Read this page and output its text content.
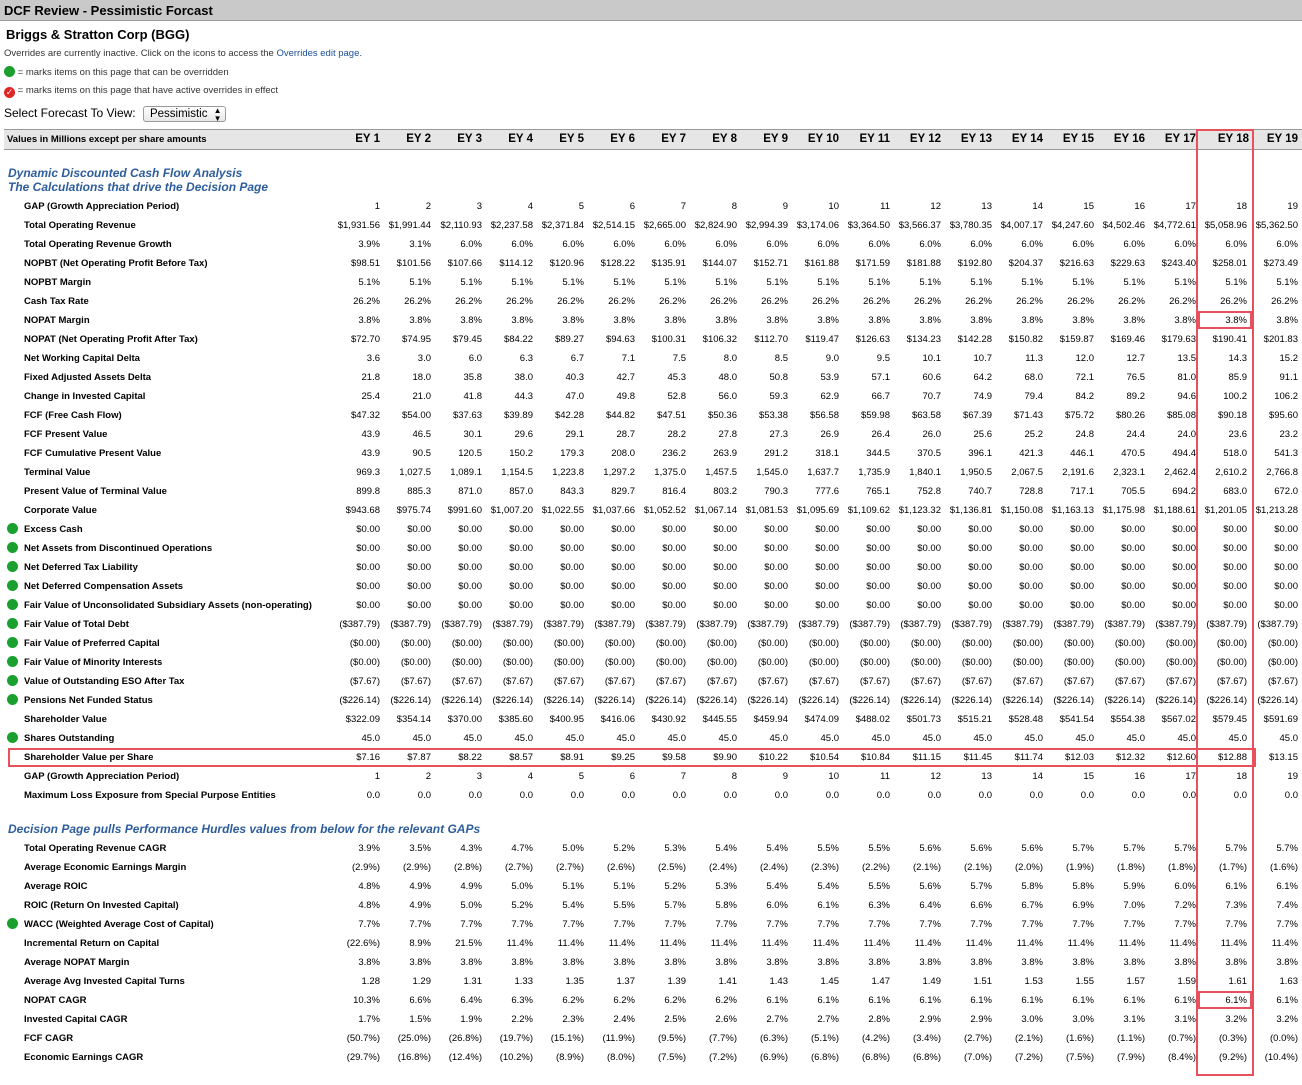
DCF Review - Pessimistic Forcast
Briggs & Stratton Corp (BGG)
Overrides are currently inactive. Click on the icons to access the Overrides edit page.
= marks items on this page that can be overridden
✓ = marks items on this page that have active overrides in effect
Select Forecast To View: Pessimistic ▲
▼
Values in Millions except per share amounts	EY 1	EY 2	EY 3	EY 4	EY 5	EY 6	EY 7	EY 8	EY 9	EY 10	EY 11	EY 12	EY 13	EY 14	EY 15	EY 16	EY 17	EY 18	EY 19
Dynamic Discounted Cash Flow Analysis
The Calculations that drive the Decision Page
GAP (Growth Appreciation Period)	1	2	3	4	5	6	7	8	9	10	11	12	13	14	15	16	17	18	19
Total Operating Revenue	$1,931.56 $1,991.44 $2,110.93 $2,237.58 $2,371.84 $2,514.15 $2,665.00 $2,824.90 $2,994.39 $3,174.06 $3,364.50 $3,566.37 $3,780.35 $4,007.17 $4,247.60 $4,502.46 $4,772.61 $5,058.96 $5,362.50
Total Operating Revenue Growth	3.9%	3.1%	6.0%	6.0%	6.0%	6.0%	6.0%	6.0%	6.0%	6.0%	6.0%	6.0%	6.0%	6.0%	6.0%	6.0%	6.0%	6.0%	6.0%
NOPBT (Net Operating Profit Before Tax)	$98.51 $101.56 $107.66 $114.12 $120.96 $128.22 $135.91 $144.07 $152.71 $161.88 $171.59 $181.88 $192.80 $204.37 $216.63 $229.63 $243.40 $258.01 $273.49
NOPBT Margin	5.1%	5.1%	5.1%	5.1%	5.1%	5.1%	5.1%	5.1%	5.1%	5.1%	5.1%	5.1%	5.1%	5.1%	5.1%	5.1%	5.1%	5.1%	5.1%
Cash Tax Rate	26.2%	26.2%	26.2%	26.2%	26.2%	26.2%	26.2%	26.2%	26.2%	26.2%	26.2%	26.2%	26.2%	26.2%	26.2%	26.2%	26.2%	26.2%	26.2%
NOPAT Margin	3.8%	3.8%	3.8%	3.8%	3.8%	3.8%	3.8%	3.8%	3.8%	3.8%	3.8%	3.8%	3.8%	3.8%	3.8%	3.8%	3.8%	3.8%	3.8%
NOPAT (Net Operating Profit After Tax)	$72.70 $74.95 $79.45 $84.22 $89.27 $94.63 $100.31 $106.32 $112.70 $119.47 $126.63 $134.23 $142.28 $150.82 $159.87 $169.46 $179.63 $190.41 $201.83
Net Working Capital Delta	3.6	3.0	6.0	6.3	6.7	7.1	7.5	8.0	8.5	9.0	9.5	10.1	10.7	11.3	12.0	12.7	13.5	14.3	15.2
Fixed Adjusted Assets Delta	21.8	18.0	35.8	38.0	40.3	42.7	45.3	48.0	50.8	53.9	57.1	60.6	64.2	68.0	72.1	76.5	81.0	85.9	91.1
Change in Invested Capital	25.4	21.0	41.8	44.3	47.0	49.8	52.8	56.0	59.3	62.9	66.7	70.7	74.9	79.4	84.2	89.2	94.6	100.2	106.2
FCF (Free Cash Flow)	$47.32 $54.00 $37.63 $39.89 $42.28 $44.82 $47.51 $50.36 $53.38 $56.58 $59.98 $63.58 $67.39 $71.43 $75.72 $80.26 $85.08 $90.18 $95.60
FCF Present Value	43.9	46.5	30.1	29.6	29.1	28.7	28.2	27.8	27.3	26.9	26.4	26.0	25.6	25.2	24.8	24.4	24.0	23.6	23.2
FCF Cumulative Present Value	43.9	90.5	120.5	150.2	179.3	208.0	236.2	263.9	291.2	318.1	344.5	370.5	396.1	421.3	446.1	470.5	494.4	518.0	541.3
Terminal Value	969.3 1,027.5 1,089.1 1,154.5 1,223.8 1,297.2 1,375.0 1,457.5 1,545.0 1,637.7 1,735.9 1,840.1 1,950.5 2,067.5 2,191.6 2,323.1 2,462.4 2,610.2 2,766.8
Present Value of Terminal Value	899.8	885.3	871.0	857.0	843.3	829.7	816.4	803.2	790.3	777.6	765.1	752.8	740.7	728.8	717.1	705.5	694.2	683.0	672.0
Corporate Value	$943.68 $975.74 $991.60 $1,007.20 $1,022.55 $1,037.66 $1,052.52 $1,067.14 $1,081.53 $1,095.69 $1,109.62 $1,123.32 $1,136.81 $1,150.08 $1,163.13 $1,175.98 $1,188.61 $1,201.05 $1,213.28
Excess Cash	$0.00	$0.00	$0.00	$0.00	$0.00	$0.00	$0.00	$0.00	$0.00	$0.00	$0.00	$0.00	$0.00	$0.00	$0.00	$0.00	$0.00	$0.00	$0.00
Net Assets from Discontinued Operations	$0.00	$0.00	$0.00	$0.00	$0.00	$0.00	$0.00	$0.00	$0.00	$0.00	$0.00	$0.00	$0.00	$0.00	$0.00	$0.00	$0.00	$0.00	$0.00
Net Deferred Tax Liability	$0.00	$0.00	$0.00	$0.00	$0.00	$0.00	$0.00	$0.00	$0.00	$0.00	$0.00	$0.00	$0.00	$0.00	$0.00	$0.00	$0.00	$0.00	$0.00
Net Deferred Compensation Assets	$0.00	$0.00	$0.00	$0.00	$0.00	$0.00	$0.00	$0.00	$0.00	$0.00	$0.00	$0.00	$0.00	$0.00	$0.00	$0.00	$0.00	$0.00	$0.00
Fair Value of Unconsolidated Subsidiary Assets (non-operating)	$0.00	$0.00	$0.00	$0.00	$0.00	$0.00	$0.00	$0.00	$0.00	$0.00	$0.00	$0.00	$0.00	$0.00	$0.00	$0.00	$0.00	$0.00	$0.00
Fair Value of Total Debt	($387.79) ($387.79) ($387.79) ($387.79) ($387.79) ($387.79) ($387.79) ($387.79) ($387.79) ($387.79) ($387.79) ($387.79) ($387.79) ($387.79) ($387.79) ($387.79) ($387.79) ($387.79) ($387.79)
Fair Value of Preferred Capital	($0.00) ($0.00) ($0.00) ($0.00) ($0.00) ($0.00) ($0.00) ($0.00) ($0.00) ($0.00) ($0.00) ($0.00) ($0.00) ($0.00) ($0.00) ($0.00) ($0.00) ($0.00) ($0.00)
Fair Value of Minority Interests	($0.00) ($0.00) ($0.00) ($0.00) ($0.00) ($0.00) ($0.00) ($0.00) ($0.00) ($0.00) ($0.00) ($0.00) ($0.00) ($0.00) ($0.00) ($0.00) ($0.00) ($0.00) ($0.00)
Value of Outstanding ESO After Tax	($7.67) ($7.67) ($7.67) ($7.67) ($7.67) ($7.67) ($7.67) ($7.67) ($7.67) ($7.67) ($7.67) ($7.67) ($7.67) ($7.67) ($7.67) ($7.67) ($7.67) ($7.67) ($7.67)
Pensions Net Funded Status	($226.14) ($226.14) ($226.14) ($226.14) ($226.14) ($226.14) ($226.14) ($226.14) ($226.14) ($226.14) ($226.14) ($226.14) ($226.14) ($226.14) ($226.14) ($226.14) ($226.14) ($226.14) ($226.14)
Shareholder Value	$322.09 $354.14 $370.00 $385.60 $400.95 $416.06 $430.92 $445.55 $459.94 $474.09 $488.02 $501.73 $515.21 $528.48 $541.54 $554.38 $567.02 $579.45 $591.69
Shares Outstanding	45.0	45.0	45.0	45.0	45.0	45.0	45.0	45.0	45.0	45.0	45.0	45.0	45.0	45.0	45.0	45.0	45.0	45.0	45.0
Shareholder Value per Share	$7.16	$7.87	$8.22	$8.57	$8.91	$9.25	$9.58	$9.90 $10.22 $10.54 $10.84 $11.15 $11.45 $11.74 $12.03 $12.32 $12.60 $12.88 $13.15
GAP (Growth Appreciation Period)	1	2	3	4	5	6	7	8	9	10	11	12	13	14	15	16	17	18	19
Maximum Loss Exposure from Special Purpose Entities	0.0	0.0	0.0	0.0	0.0	0.0	0.0	0.0	0.0	0.0	0.0	0.0	0.0	0.0	0.0	0.0	0.0	0.0	0.0
Decision Page pulls Performance Hurdles values from below for the relevant GAPs
Total Operating Revenue CAGR	3.9%	3.5%	4.3%	4.7%	5.0%	5.2%	5.3%	5.4%	5.4%	5.5%	5.5%	5.6%	5.6%	5.6%	5.7%	5.7%	5.7%	5.7%	5.7%
Average Economic Earnings Margin	(2.9%) (2.9%) (2.8%) (2.7%) (2.7%) (2.6%) (2.5%) (2.4%) (2.4%) (2.3%) (2.2%) (2.1%) (2.1%) (2.0%) (1.9%) (1.8%) (1.8%) (1.7%) (1.6%)
Average ROIC	4.8%	4.9%	4.9%	5.0%	5.1%	5.1%	5.2%	5.3%	5.4%	5.4%	5.5%	5.6%	5.7%	5.8%	5.8%	5.9%	6.0%	6.1%	6.1%
ROIC (Return On Invested Capital)	4.8%	4.9%	5.0%	5.2%	5.4%	5.5%	5.7%	5.8%	6.0%	6.1%	6.3%	6.4%	6.6%	6.7%	6.9%	7.0%	7.2%	7.3%	7.4%
WACC (Weighted Average Cost of Capital)	7.7%	7.7%	7.7%	7.7%	7.7%	7.7%	7.7%	7.7%	7.7%	7.7%	7.7%	7.7%	7.7%	7.7%	7.7%	7.7%	7.7%	7.7%	7.7%
Incremental Return on Capital	(22.6%)	8.9%	21.5%	11.4%	11.4%	11.4%	11.4%	11.4%	11.4%	11.4%	11.4%	11.4%	11.4%	11.4%	11.4%	11.4%	11.4%	11.4%	11.4%
Average NOPAT Margin	3.8%	3.8%	3.8%	3.8%	3.8%	3.8%	3.8%	3.8%	3.8%	3.8%	3.8%	3.8%	3.8%	3.8%	3.8%	3.8%	3.8%	3.8%	3.8%
Average Avg Invested Capital Turns	1.28	1.29	1.31	1.33	1.35	1.37	1.39	1.41	1.43	1.45	1.47	1.49	1.51	1.53	1.55	1.57	1.59	1.61	1.63
NOPAT CAGR	10.3%	6.6%	6.4%	6.3%	6.2%	6.2%	6.2%	6.2%	6.1%	6.1%	6.1%	6.1%	6.1%	6.1%	6.1%	6.1%	6.1%	6.1%	6.1%
Invested Capital CAGR	1.7%	1.5%	1.9%	2.2%	2.3%	2.4%	2.5%	2.6%	2.7%	2.7%	2.8%	2.9%	2.9%	3.0%	3.0%	3.1%	3.1%	3.2%	3.2%
FCF CAGR	(50.7%) (25.0%) (26.8%) (19.7%) (15.1%) (11.9%) (9.5%) (7.7%) (6.3%) (5.1%) (4.2%) (3.4%) (2.7%) (2.1%) (1.6%) (1.1%) (0.7%) (0.3%) (0.0%)
Economic Earnings CAGR	(29.7%) (16.8%) (12.4%) (10.2%) (8.9%) (8.0%) (7.5%) (7.2%) (6.9%) (6.8%) (6.8%) (6.8%) (7.0%) (7.2%) (7.5%) (7.9%) (8.4%) (9.2%) (10.4%)
